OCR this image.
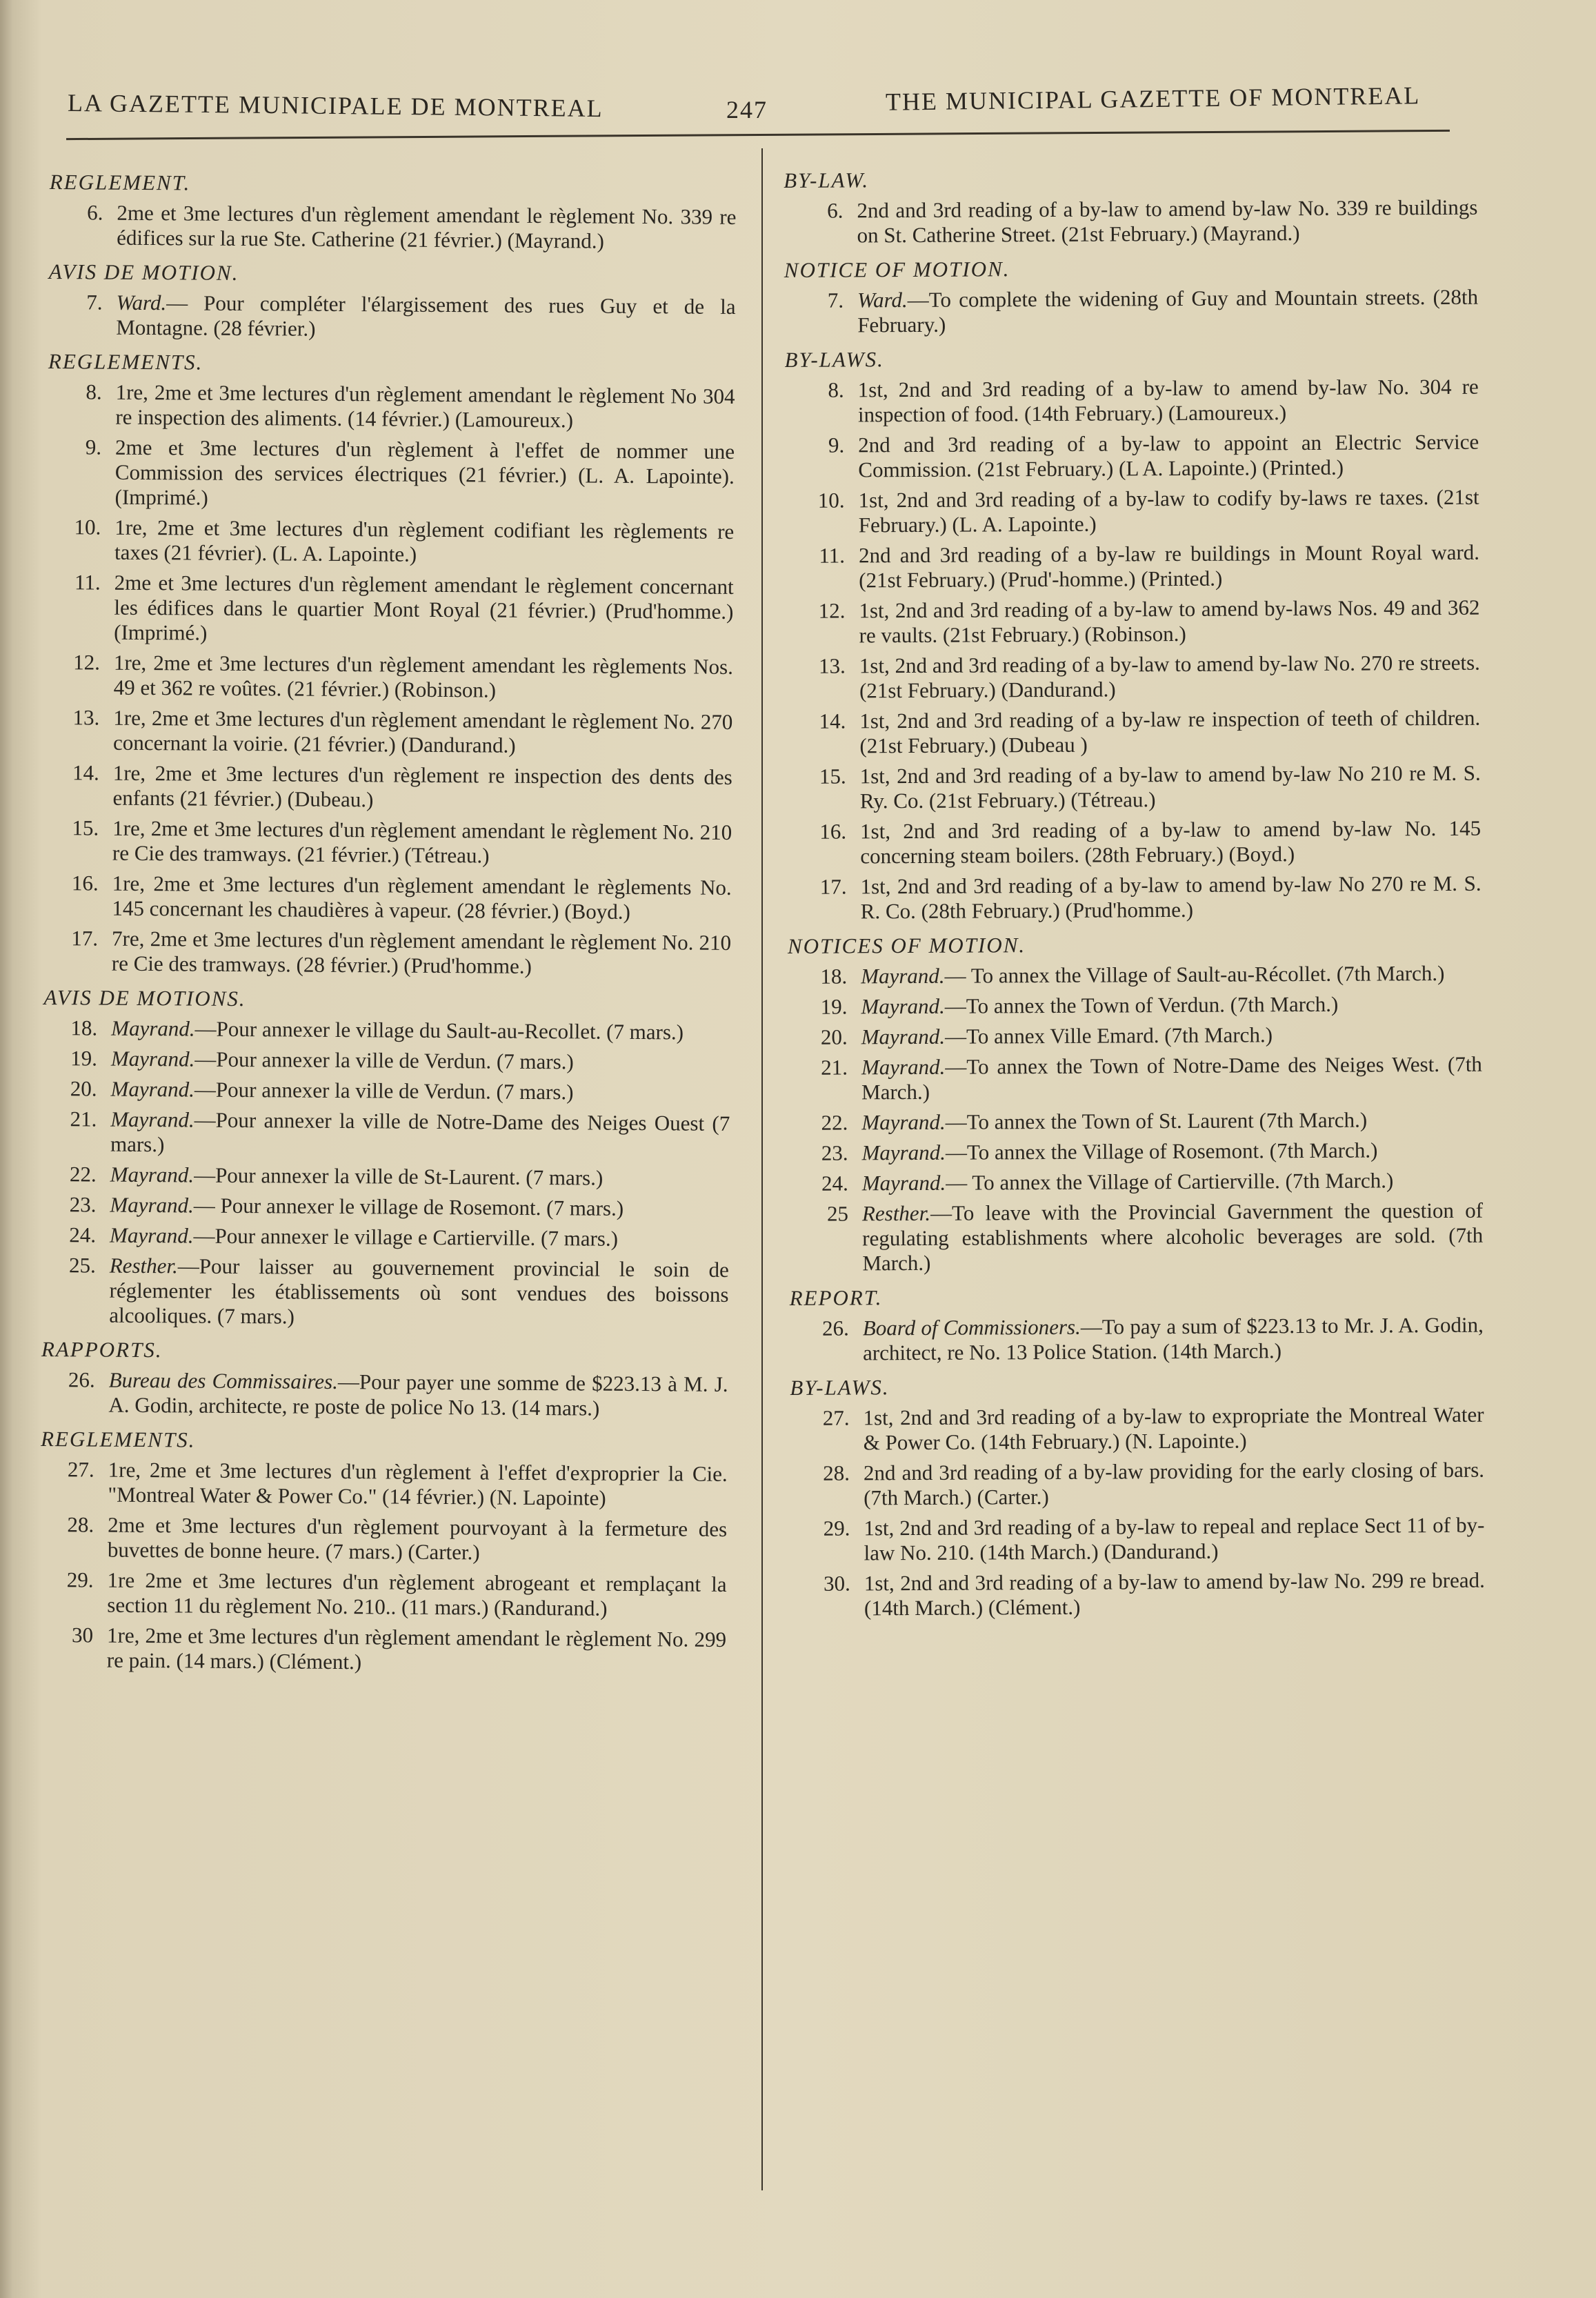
LA GAZETTE MUNICIPALE DE MONTREAL	247	THE MUNICIPAL GAZETTE OF MONTREAL
REGLEMENT.
6. 2me et 3me lectures d'un règlement amendant le règlement No. 339 re édifices sur la rue Ste. Catherine (21 février.) (Mayrand.)
AVIS DE MOTION.
7. Ward.— Pour compléter l'élargissement des rues Guy et de la Montagne. (28 février.)
REGLEMENTS.
8. 1re, 2me et 3me lectures d'un règlement amendant le règlement No 304 re inspection des aliments. (14 février.) (Lamoureux.)
9. 2me et 3me lectures d'un règlement à l'effet de nommer une Commission des services électriques (21 février.) (L. A. Lapointe). (Imprimé.)
10. 1re, 2me et 3me lectures d'un règlement codifiant les règlements re taxes (21 février). (L. A. Lapointe.)
11. 2me et 3me lectures d'un règlement amendant le règlement concernant les édifices dans le quartier Mont Royal (21 février.) (Prud'homme.) (Imprimé.)
12. 1re, 2me et 3me lectures d'un règlement amendant les règlements Nos. 49 et 362 re voûtes. (21 février.) (Robinson.)
13. 1re, 2me et 3me lectures d'un règlement amendant le règlement No. 270 concernant la voirie. (21 février.) (Dandurand.)
14. 1re, 2me et 3me lectures d'un règlement re inspection des dents des enfants (21 février.) (Dubeau.)
15. 1re, 2me et 3me lectures d'un règlement amendant le règlement No. 210 re Cie des tramways. (21 février.) (Tétreau.)
16. 1re, 2me et 3me lectures d'un règlement amendant le règlements No. 145 concernant les chaudières à vapeur. (28 février.) (Boyd.)
17. 7re, 2me et 3me lectures d'un règlement amendant le règlement No. 210 re Cie des tramways. (28 février.) (Prud'homme.)
AVIS DE MOTIONS.
18. Mayrand.—Pour annexer le village du Sault-au-Recollet. (7 mars.)
19. Mayrand.—Pour annexer la ville de Verdun. (7 mars.)
20. Mayrand.—Pour annexer la ville de Verdun. (7 mars.)
21. Mayrand.—Pour annexer la ville de Notre-Dame des Neiges Ouest (7 mars.)
22. Mayrand.—Pour annexer la ville de St-Laurent. (7 mars.)
23. Mayrand.— Pour annexer le village de Rosemont. (7 mars.)
24. Mayrand.—Pour annexer le village e Cartierville. (7 mars.)
25. Resther.—Pour laisser au gouvernement provincial le soin de réglementer les établissements où sont vendues des boissons alcooliques. (7 mars.)
RAPPORTS.
26. Bureau des Commissaires.—Pour payer une somme de $223.13 à M. J. A. Godin, architecte, re poste de police No 13. (14 mars.)
REGLEMENTS.
27. 1re, 2me et 3me lectures d'un règlement à l'effet d'exproprier la Cie. "Montreal Water & Power Co." (14 février.) (N. Lapointe)
28. 2me et 3me lectures d'un règlement pourvoyant à la fermeture des buvettes de bonne heure. (7 mars.) (Carter.)
29. 1re 2me et 3me lectures d'un règlement abrogeant et remplaçant la section 11 du règlement No. 210.. (11 mars.) (Randurand.)
30 1re, 2me et 3me lectures d'un règlement amendant le règlement No. 299 re pain. (14 mars.) (Clément.)
BY-LAW.
6. 2nd and 3rd reading of a by-law to amend by-law No. 339 re buildings on St. Catherine Street. (21st February.) (Mayrand.)
NOTICE OF MOTION.
7. Ward.—To complete the widening of Guy and Mountain streets. (28th February.)
BY-LAWS.
8. 1st, 2nd and 3rd reading of a by-law to amend by-law No. 304 re inspection of food. (14th February.) (Lamoureux.)
9. 2nd and 3rd reading of a by-law to appoint an Electric Service Commission. (21st February.) (L A. Lapointe.) (Printed.)
10. 1st, 2nd and 3rd reading of a by-law to codify by-laws re taxes. (21st February.) (L. A. Lapointe.)
11. 2nd and 3rd reading of a by-law re buildings in Mount Royal ward. (21st February.) (Prud'-homme.) (Printed.)
12. 1st, 2nd and 3rd reading of a by-law to amend by-laws Nos. 49 and 362 re vaults. (21st February.) (Robinson.)
13. 1st, 2nd and 3rd reading of a by-law to amend by-law No. 270 re streets. (21st February.) (Dandurand.)
14. 1st, 2nd and 3rd reading of a by-law re inspection of teeth of children. (21st February.) (Dubeau )
15. 1st, 2nd and 3rd reading of a by-law to amend by-law No 210 re M. S. Ry. Co. (21st February.) (Tétreau.)
16. 1st, 2nd and 3rd reading of a by-law to amend by-law No. 145 concerning steam boilers. (28th February.) (Boyd.)
17. 1st, 2nd and 3rd reading of a by-law to amend by-law No 270 re M. S. R. Co. (28th February.) (Prud'homme.)
NOTICES OF MOTION.
18. Mayrand.— To annex the Village of Sault-au-Récollet. (7th March.)
19. Mayrand.—To annex the Town of Verdun. (7th March.)
20. Mayrand.—To annex Ville Emard. (7th March.)
21. Mayrand.—To annex the Town of Notre-Dame des Neiges West. (7th March.)
22. Mayrand.—To annex the Town of St. Laurent (7th March.)
23. Mayrand.—To annex the Village of Rosemont. (7th March.)
24. Mayrand.— To annex the Village of Cartierville. (7th March.)
25 Resther.—To leave with the Provincial Gavernment the question of regulating establishments where alcoholic beverages are sold. (7th March.)
REPORT.
26. Board of Commissioners.—To pay a sum of $223.13 to Mr. J. A. Godin, architect, re No. 13 Police Station. (14th March.)
BY-LAWS.
27. 1st, 2nd and 3rd reading of a by-law to expropriate the Montreal Water & Power Co. (14th February.) (N. Lapointe.)
28. 2nd and 3rd reading of a by-law providing for the early closing of bars. (7th March.) (Carter.)
29. 1st, 2nd and 3rd reading of a by-law to repeal and replace Sect 11 of by-law No. 210. (14th March.) (Dandurand.)
30. 1st, 2nd and 3rd reading of a by-law to amend by-law No. 299 re bread. (14th March.) (Clément.)
